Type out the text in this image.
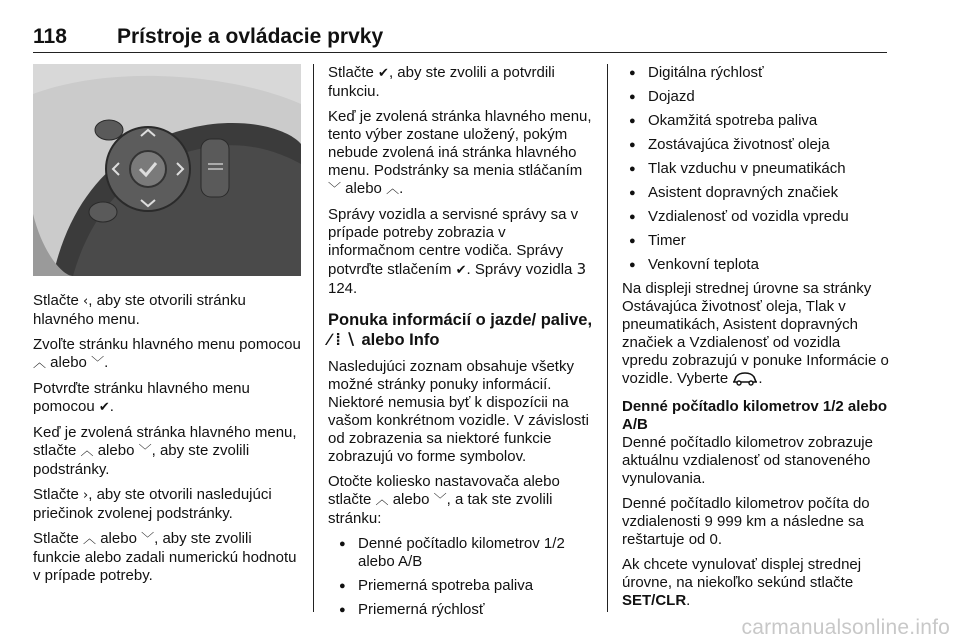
118 Prístroje a ovládacie prvky

Stlačte ‹, aby ste otvorili stránku hlavného menu.

Zvoľte stránku hlavného menu pomocou ︿ alebo ﹀.

Potvrďte stránku hlavného menu pomocou ✔.

Keď je zvolená stránka hlavného menu, stlačte ︿ alebo ﹀, aby ste zvolili podstránky.

Stlačte ›, aby ste otvorili nasledujúci priečinok zvolenej podstránky.

Stlačte ︿ alebo ﹀, aby ste zvolili funkcie alebo zadali numerickú hodnotu v prípade potreby.

Stlačte ✔, aby ste zvolili a potvrdili funkciu.

Keď je zvolená stránka hlavného menu, tento výber zostane uložený, pokým nebude zvolená iná stránka hlavného menu. Podstránky sa menia stláčaním ﹀ alebo ︿.

Správy vozidla a servisné správy sa v prípade potreby zobrazia v informačnom centre vodiča. Správy potvrďte stlačením ✔. Správy vozidla 3 124.

Ponuka informácií o jazde/ palive, ∕ ⁞ ∖ alebo Info

Nasledujúci zoznam obsahuje všetky možné stránky ponuky informácií. Niektoré nemusia byť k dispozícii na vašom konkrétnom vozidle. V závislosti od zobrazenia sa niektoré funkcie zobrazujú vo forme symbolov.

Otočte koliesko nastavovača alebo stlačte ︿ alebo ﹀, a tak ste zvolili stránku:

● Denné počítadlo kilometrov 1/2 alebo A/B
● Priemerná spotreba paliva
● Priemerná rýchlosť
● Digitálna rýchlosť
● Dojazd
● Okamžitá spotreba paliva
● Zostávajúca životnosť oleja
● Tlak vzduchu v pneumatikách
● Asistent dopravných značiek
● Vzdialenosť od vozidla vpredu
● Timer
● Venkovní teplota

Na displeji strednej úrovne sa stránky Ostávajúca životnosť oleja, Tlak v pneumatikách, Asistent dopravných značiek a Vzdialenosť od vozidla vpredu zobrazujú v ponuke Informácie o vozidle. Vyberte .

Denné počítadlo kilometrov 1/2 alebo A/B

Denné počítadlo kilometrov zobrazuje aktuálnu vzdialenosť od stanoveného vynulovania.

Denné počítadlo kilometrov počíta do vzdialenosti 9 999 km a následne sa reštartuje od 0.

Ak chcete vynulovať displej strednej úrovne, na niekoľko sekúnd stlačte SET/CLR.

carmanualsonline.info
